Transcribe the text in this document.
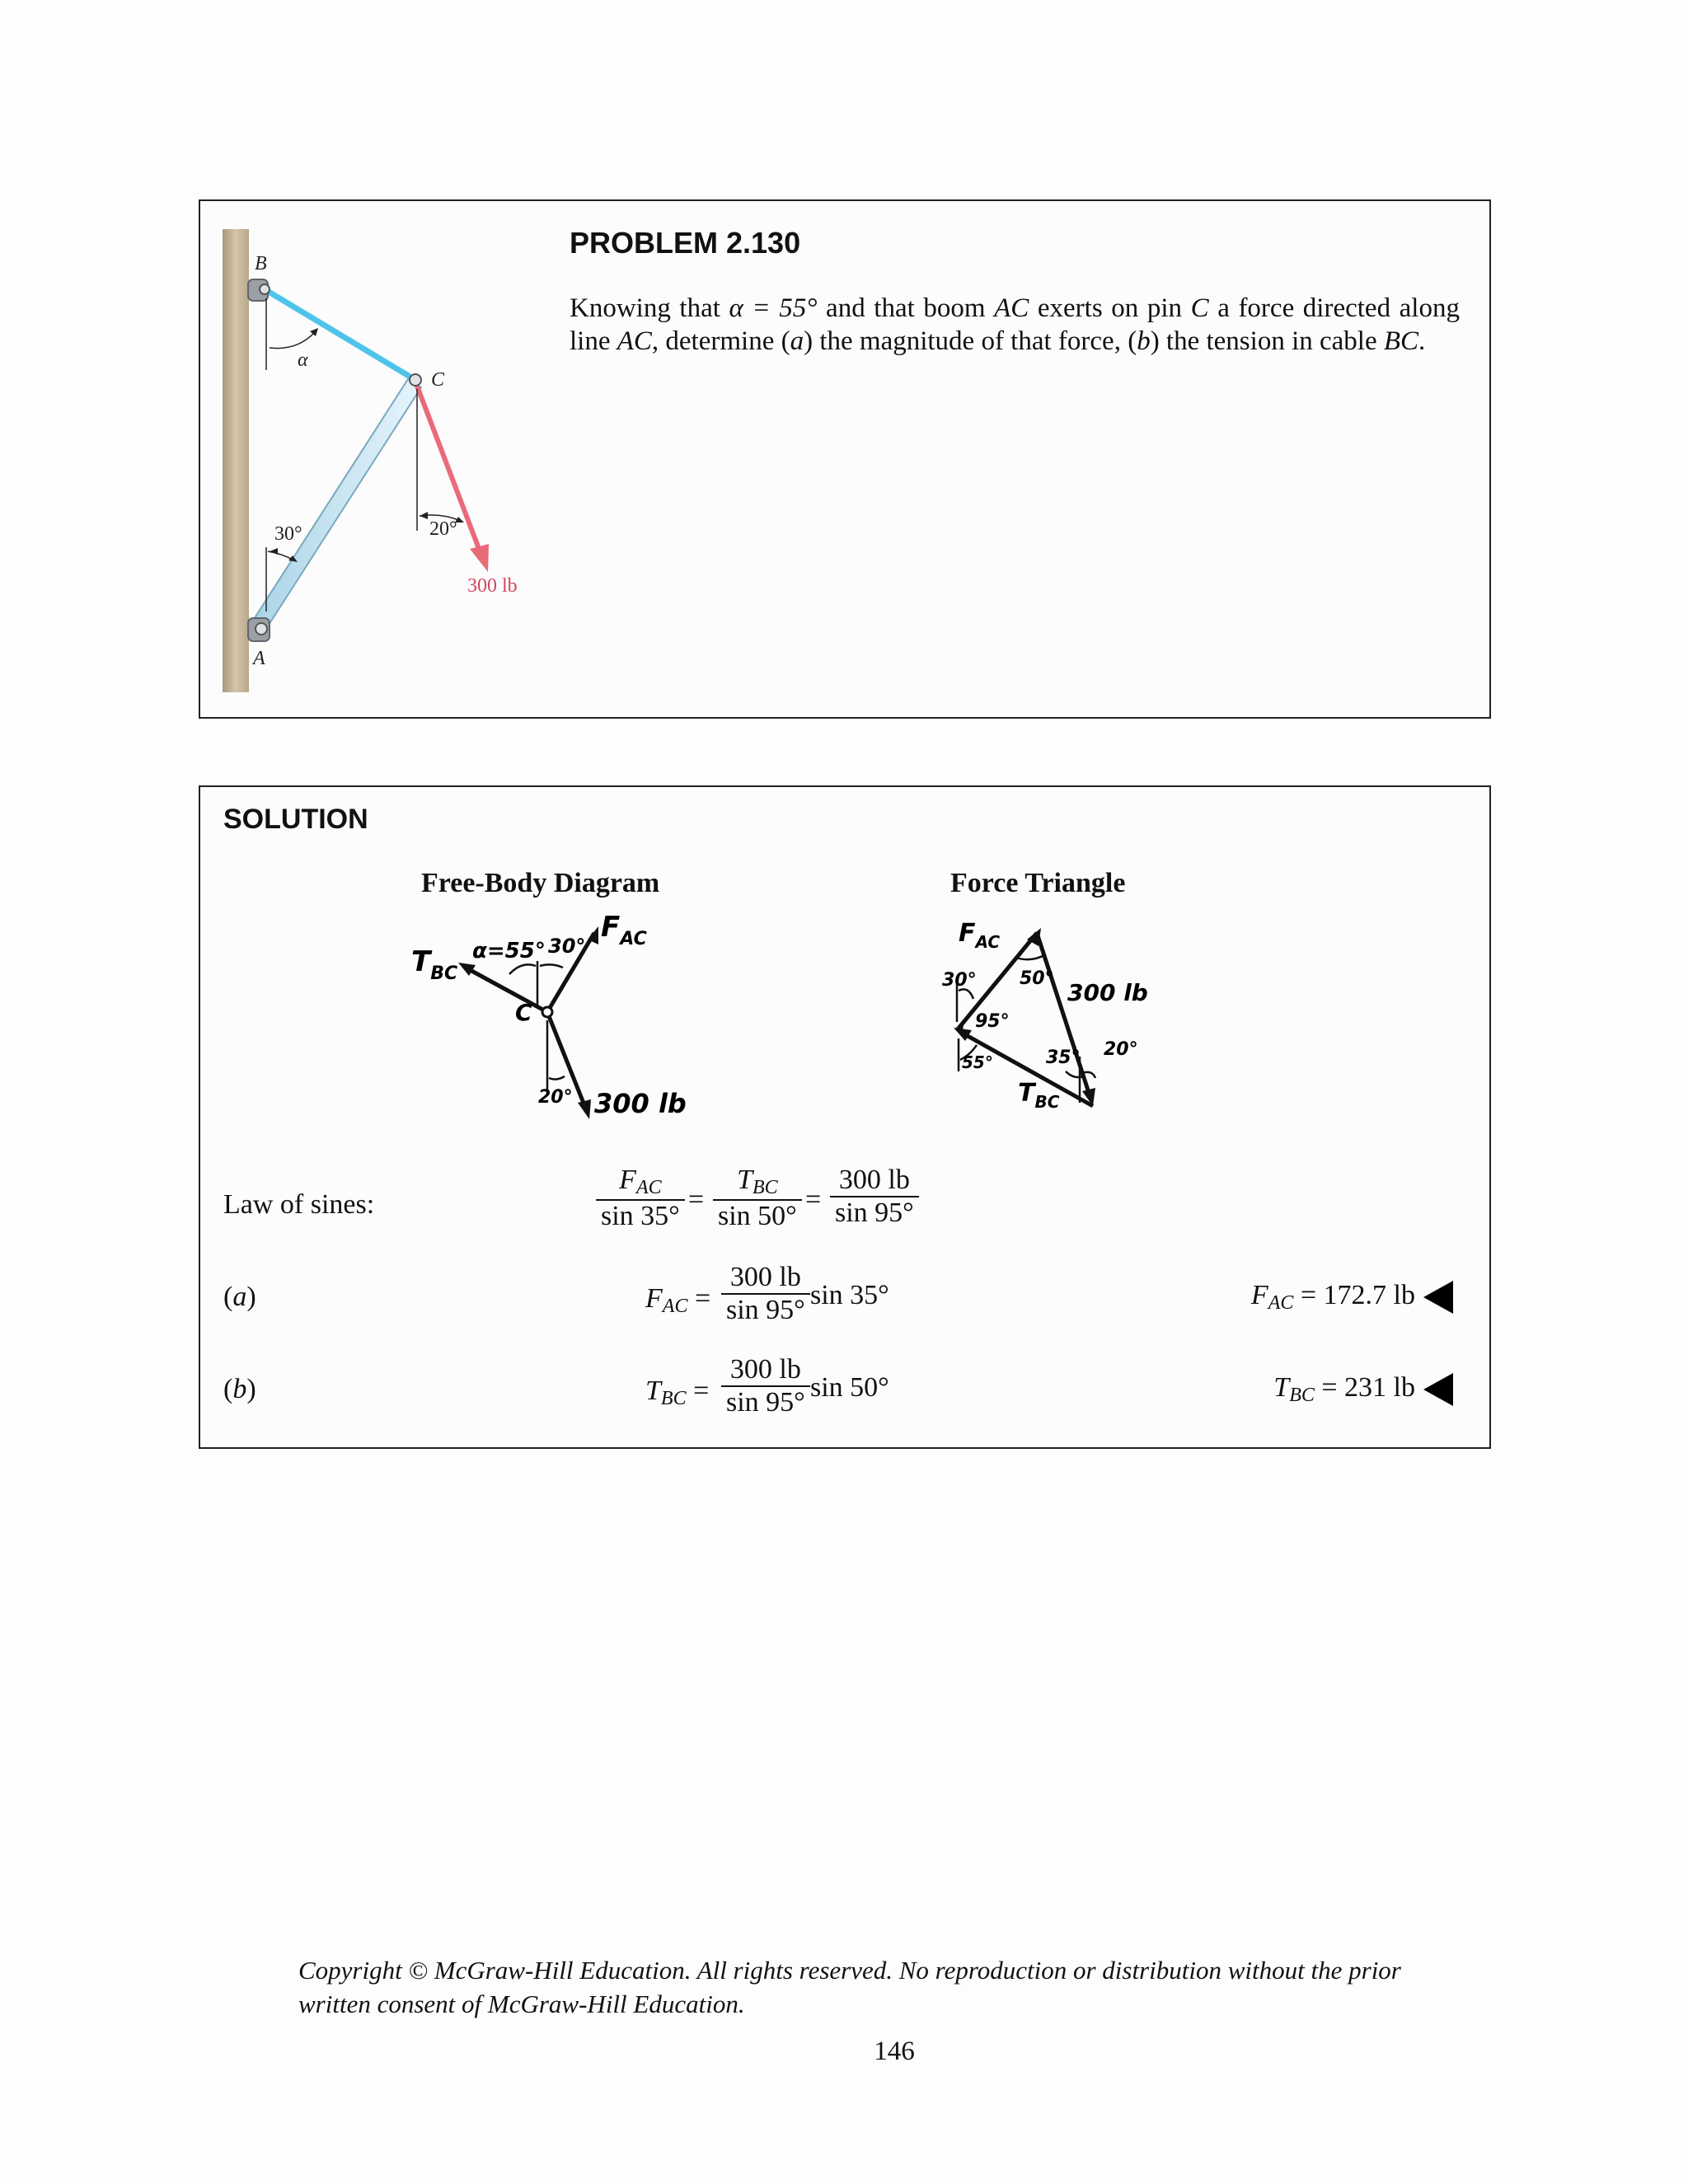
B
α
C
30°	20°
300 lb
A
PROBLEM 2.130
Knowing that α = 55° and that boom AC exerts on pin C a force directed along line AC, determine (a) the magnitude of that force, (b) the tension in cable BC.
SOLUTION
Free-Body Diagram	Force Triangle
α=55° 30°
$F_{AC}$
$T_{BC}$
C
20° 300 lb
$F_{AC}$
30° 50°
300 lb
95°
55°	35° 20°
$T_{BC}$
Law of sines:
$F_{AC}$
sin 35°
=
$T_{BC}$
sin 50°
= $\frac{300 lb}{\sin 95^\circ}$
(a)	$F_{AC} = \frac{300 lb}{\sin 95^\circ}$ sin 35°	$F_{AC} = 172.7$ lb
(b)	$T_{BC} = \frac{300 lb}{\sin 95^\circ}$ sin 50°	$T_{BC} = 231$ lb
Copyright © McGraw-Hill Education. All rights reserved. No reproduction or distribution without the prior written consent of McGraw-Hill Education.
146
